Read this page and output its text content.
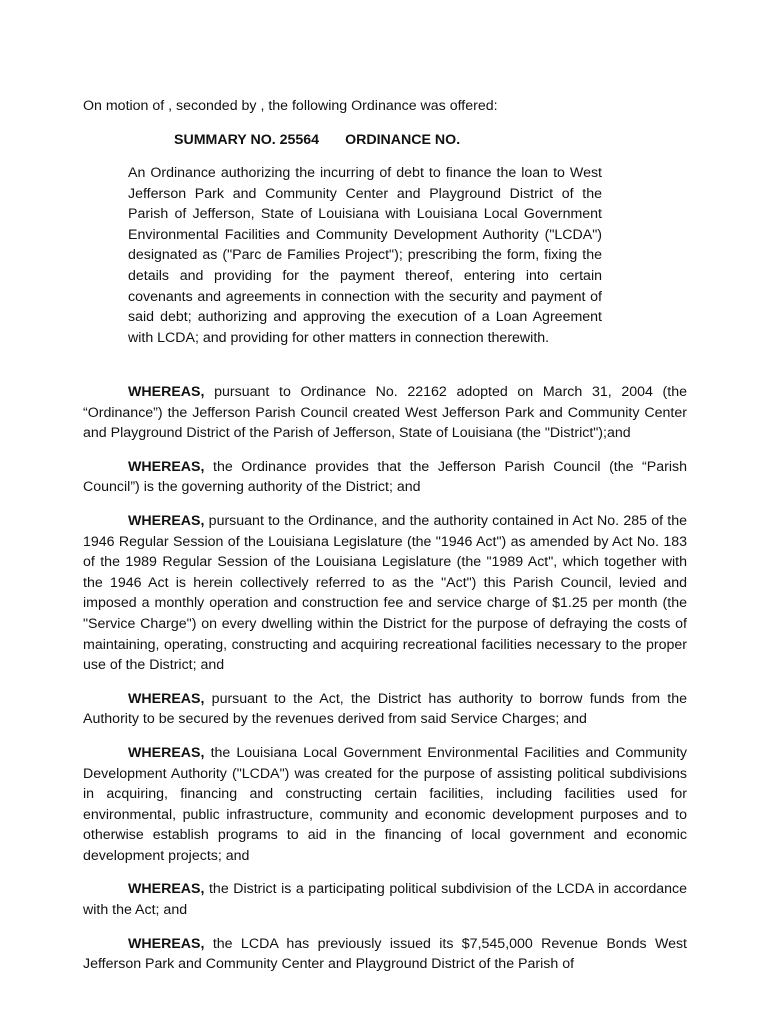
On motion of , seconded by , the following Ordinance was offered:
SUMMARY NO. 25564 ORDINANCE NO.
An Ordinance authorizing the incurring of debt to finance the loan to West Jefferson Park and Community Center and Playground District of the Parish of Jefferson, State of Louisiana with Louisiana Local Government Environmental Facilities and Community Development Authority ("LCDA") designated as ("Parc de Families Project"); prescribing the form, fixing the details and providing for the payment thereof, entering into certain covenants and agreements in connection with the security and payment of said debt; authorizing and approving the execution of a Loan Agreement with LCDA; and providing for other matters in connection therewith.

WHEREAS, pursuant to Ordinance No. 22162 adopted on March 31, 2004 (the “Ordinance”) the Jefferson Parish Council created West Jefferson Park and Community Center and Playground District of the Parish of Jefferson, State of Louisiana (the "District");and

WHEREAS, the Ordinance provides that the Jefferson Parish Council (the “Parish Council”) is the governing authority of the District; and

WHEREAS, pursuant to the Ordinance, and the authority contained in Act No. 285 of the 1946 Regular Session of the Louisiana Legislature (the "1946 Act") as amended by Act No. 183 of the 1989 Regular Session of the Louisiana Legislature (the "1989 Act", which together with the 1946 Act is herein collectively referred to as the "Act") this Parish Council, levied and imposed a monthly operation and construction fee and service charge of $1.25 per month (the "Service Charge") on every dwelling within the District for the purpose of defraying the costs of maintaining, operating, constructing and acquiring recreational facilities necessary to the proper use of the District; and

WHEREAS, pursuant to the Act, the District has authority to borrow funds from the Authority to be secured by the revenues derived from said Service Charges; and

WHEREAS, the Louisiana Local Government Environmental Facilities and Community Development Authority ("LCDA") was created for the purpose of assisting political subdivisions in acquiring, financing and constructing certain facilities, including facilities used for environmental, public infrastructure, community and economic development purposes and to otherwise establish programs to aid in the financing of local government and economic development projects; and

WHEREAS, the District is a participating political subdivision of the LCDA in accordance with the Act; and

WHEREAS, the LCDA has previously issued its $7,545,000 Revenue Bonds West Jefferson Park and Community Center and Playground District of the Parish of
